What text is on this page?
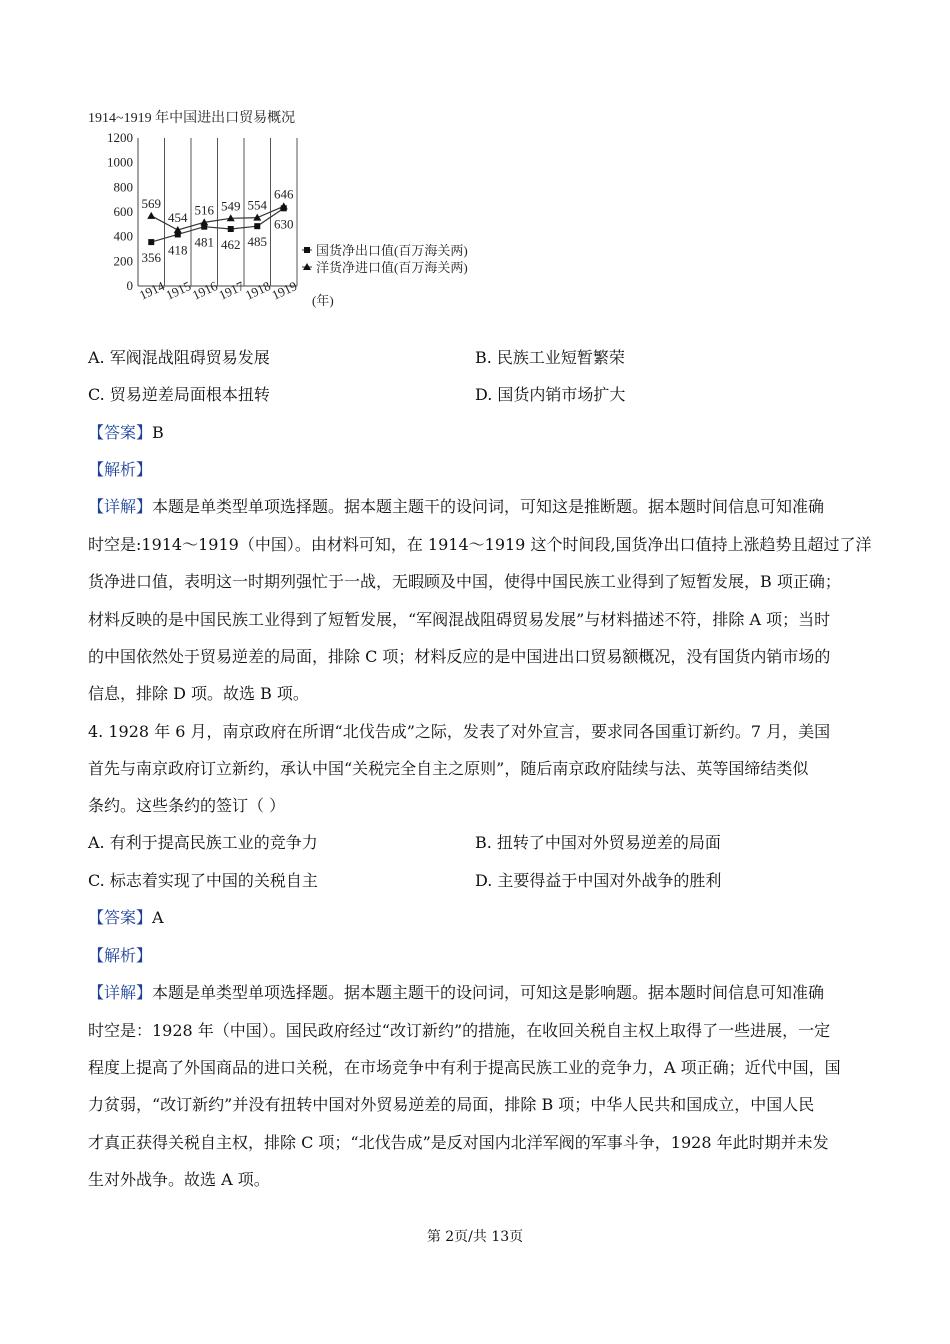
1914~1919 年中国进出口贸易概况
0
200
400
600
800
1000
1200
1914
1915
1916
1917
1918
1919 (年)
356
418
481 462 485
630
569
454
516 549 554
646
国货净出口值(百万海关两)
洋货净进口值(百万海关两)
A. 军阀混战阻碍贸易发展	B. 民族工业短暂繁荣
C. 贸易逆差局面根本扭转	D. 国货内销市场扩大
【答案】B
【解析】
【详解】本题是单类型单项选择题。据本题主题干的设问词，可知这是推断题。据本题时间信息可知准确
时空是:1914～1919（中国）。由材料可知，在 1914～1919 这个时间段,国货净出口值持上涨趋势且超过了洋
货净进口值，表明这一时期列强忙于一战，无暇顾及中国，使得中国民族工业得到了短暂发展，B 项正确；
材料反映的是中国民族工业得到了短暂发展，“军阀混战阻碍贸易发展”与材料描述不符，排除 A 项；当时
的中国依然处于贸易逆差的局面，排除 C 项；材料反应的是中国进出口贸易额概况，没有国货内销市场的
信息，排除 D 项。故选 B 项。
4. 1928 年 6 月，南京政府在所谓“北伐告成”之际，发表了对外宣言，要求同各国重订新约。7 月，美国
首先与南京政府订立新约，承认中国“关税完全自主之原则”，随后南京政府陆续与法、英等国缔结类似
条约。这些条约的签订（ ）
A. 有利于提高民族工业的竞争力	B. 扭转了中国对外贸易逆差的局面
C. 标志着实现了中国的关税自主	D. 主要得益于中国对外战争的胜利
【答案】A
【解析】
【详解】本题是单类型单项选择题。据本题主题干的设问词，可知这是影响题。据本题时间信息可知准确
时空是：1928 年（中国）。国民政府经过“改订新约”的措施，在收回关税自主权上取得了一些进展，一定
程度上提高了外国商品的进口关税，在市场竞争中有利于提高民族工业的竞争力，A 项正确；近代中国，国
力贫弱，“改订新约”并没有扭转中国对外贸易逆差的局面，排除 B 项；中华人民共和国成立，中国人民
才真正获得关税自主权，排除 C 项；“北伐告成”是反对国内北洋军阀的军事斗争，1928 年此时期并未发
生对外战争。故选 A 项。
第 2页/共 13页
